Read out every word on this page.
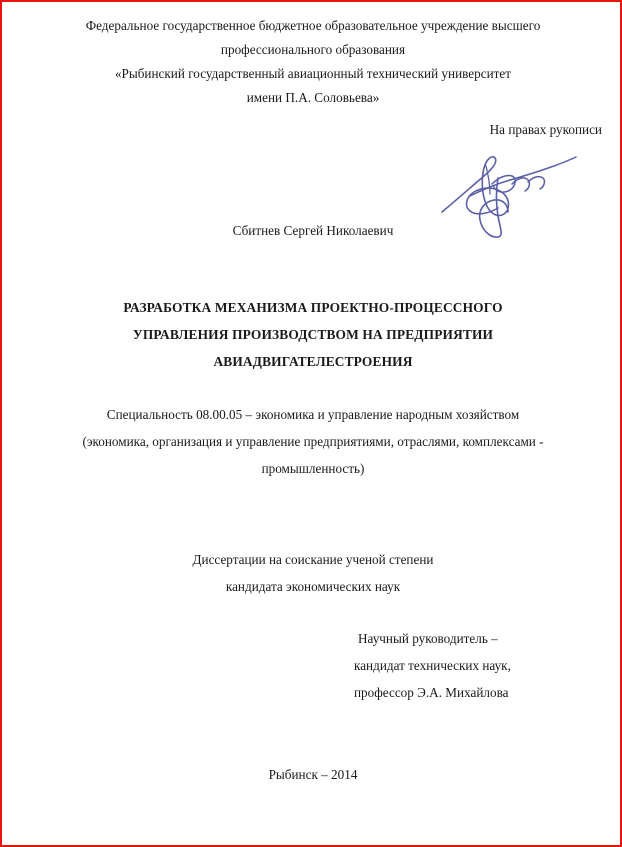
Федеральное государственное бюджетное образовательное учреждение высшего
профессионального образования
«Рыбинский государственный авиационный технический университет
имени П.А. Соловьева»
На правах рукописи
Сбитнев Сергей Николаевич
РАЗРАБОТКА МЕХАНИЗМА ПРОЕКТНО-ПРОЦЕССНОГО
УПРАВЛЕНИЯ ПРОИЗВОДСТВОМ НА ПРЕДПРИЯТИИ
АВИАДВИГАТЕЛЕСТРОЕНИЯ
Специальность 08.00.05 – экономика и управление народным хозяйством
(экономика, организация и управление предприятиями, отраслями, комплексами -
промышленность)
Диссертации на соискание ученой степени
кандидата экономических наук
Научный руководитель –
кандидат технических наук,
профессор Э.А. Михайлова
Рыбинск – 2014
